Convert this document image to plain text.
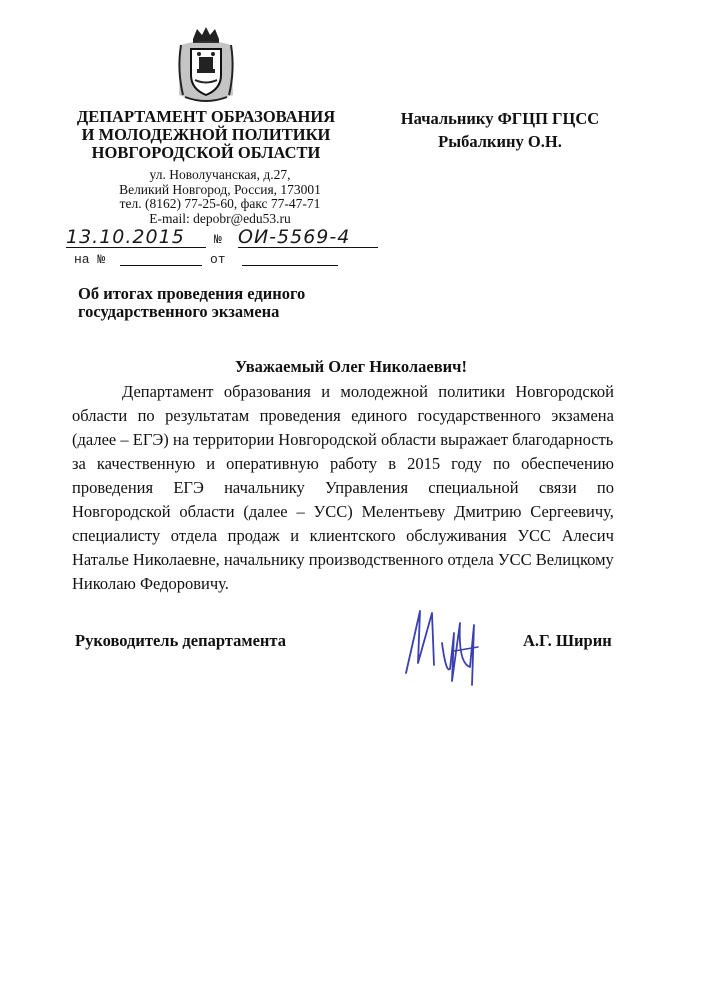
ДЕПАРТАМЕНТ ОБРАЗОВАНИЯ
И МОЛОДЕЖНОЙ ПОЛИТИКИ
НОВГОРОДСКОЙ ОБЛАСТИ
ул. Новолучанская, д.27,
Великий Новгород, Россия, 173001
тел. (8162) 77-25-60, факс 77-47-71
E-mail: depobr@edu53.ru
Начальнику ФГЦП ГЦСС
Рыбалкину О.Н.
13.10.2015 № ОИ-5569-4
на №	от
Об итогах проведения единого
государственного экзамена
Уважаемый Олег Николаевич!
Департамент образования и молодежной политики Новгородской
области по результатам проведения единого государственного экзамена
(далее – ЕГЭ) на территории Новгородской области выражает благодарность
за качественную и оперативную работу в 2015 году по обеспечению
проведения ЕГЭ начальнику Управления специальной связи по
Новгородской области (далее – УСС) Мелентьеву Дмитрию Сергеевичу,
специалисту отдела продаж и клиентского обслуживания УСС Алесич
Наталье Николаевне, начальнику производственного отдела УСС Велицкому
Николаю Федоровичу.
Руководитель департамента	А.Г. Ширин
